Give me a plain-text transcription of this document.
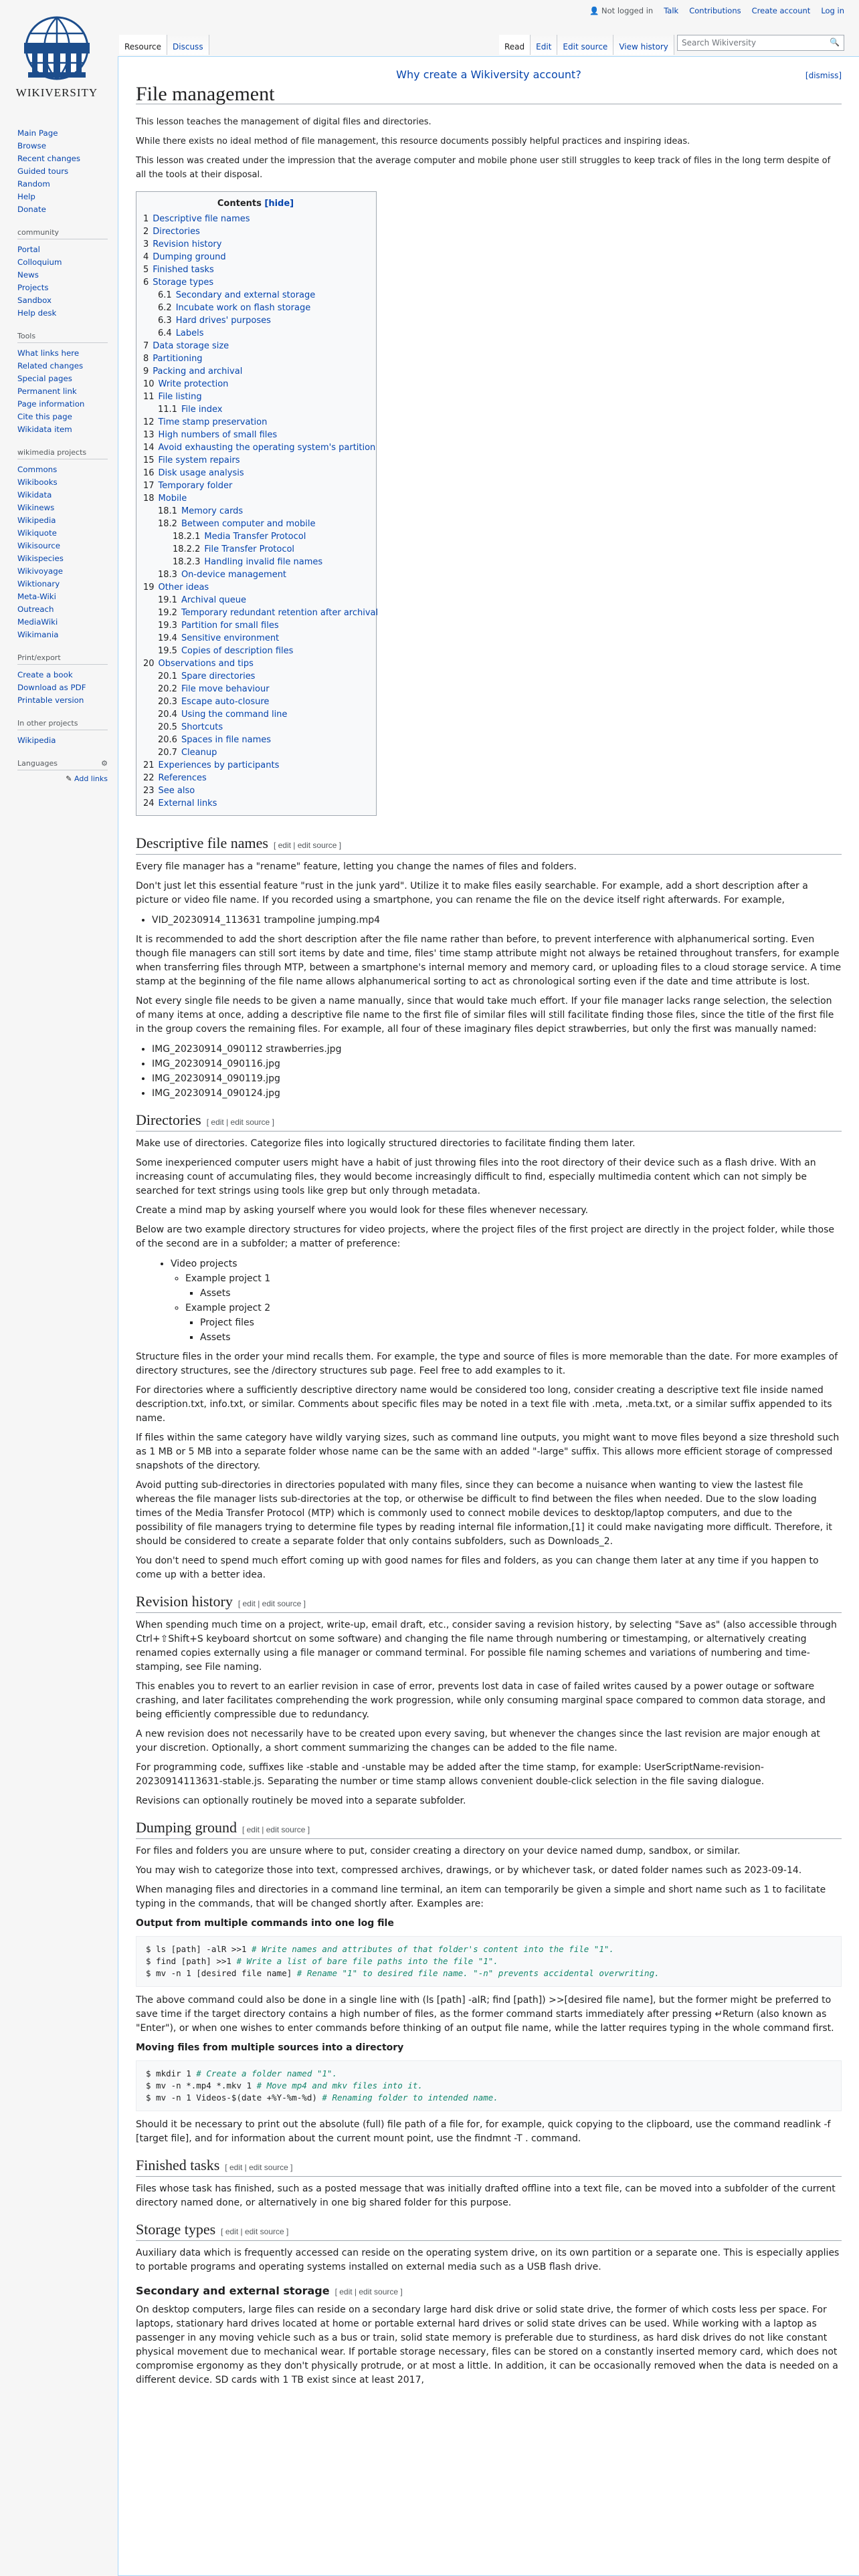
WIKIVERSITY
👤 Not logged in Talk Contributions Create account Log in
Resource	Discuss	Read	Edit Edit source View history Search Wikiversity	🔍
Main Page
Browse
Recent changes
Guided tours
Random
Help
Donate
community
Portal
Colloquium
News
Projects
Sandbox
Help desk
Tools
What links here
Related changes
Special pages
Permanent link
Page information
Cite this page
Wikidata item
wikimedia projects
Commons
Wikibooks
Wikidata
Wikinews
Wikipedia
Wikiquote
Wikisource
Wikispecies
Wikivoyage
Wiktionary
Meta-Wiki
Outreach
MediaWiki
Wikimania
Print/export
Create a book
Download as PDF
Printable version
In other projects
Wikipedia
Languages	⚙
✎ Add links
Why create a Wikiversity account?	[dismiss]
File management

This lesson teaches the management of digital files and directories.

While there exists no ideal method of file management, this resource documents possibly helpful practices and inspiring ideas.

This lesson was created under the impression that the average computer and mobile phone user still struggles to keep track of files in the long term despite of all the tools at their disposal.

Contents [hide]
1 Descriptive file names
2 Directories
3 Revision history
4 Dumping ground
5 Finished tasks
6 Storage types
6.1 Secondary and external storage
6.2 Incubate work on flash storage
6.3 Hard drives' purposes
6.4 Labels
7 Data storage size
8 Partitioning
9 Packing and archival
10 Write protection
11 File listing
11.1 File index
12 Time stamp preservation
13 High numbers of small files
14 Avoid exhausting the operating system's partition
15 File system repairs
16 Disk usage analysis
17 Temporary folder
18 Mobile
18.1 Memory cards
18.2 Between computer and mobile
18.2.1 Media Transfer Protocol
18.2.2 File Transfer Protocol
18.2.3 Handling invalid file names
18.3 On-device management
19 Other ideas
19.1 Archival queue
19.2 Temporary redundant retention after archival
19.3 Partition for small files
19.4 Sensitive environment
19.5 Copies of description files
20 Observations and tips
20.1 Spare directories
20.2 File move behaviour
20.3 Escape auto-closure
20.4 Using the command line
20.5 Shortcuts
20.6 Spaces in file names
20.7 Cleanup
21 Experiences by participants
22 References
23 See also
24 External links
Descriptive file names [ edit | edit source ]

Every file manager has a "rename" feature, letting you change the names of files and folders.

Don't just let this essential feature "rust in the junk yard". Utilize it to make files easily searchable. For example, add a short description after a picture or video file name. If you recorded using a smartphone, you can rename the file on the device itself right afterwards. For example,

• VID_20230914_113631 trampoline jumping.mp4

It is recommended to add the short description after the file name rather than before, to prevent interference with alphanumerical sorting. Even though file managers can still sort items by date and time, files' time stamp attribute might not always be retained throughout transfers, for example when transferring files through MTP, between a smartphone's internal memory and memory card, or uploading files to a cloud storage service. A time stamp at the beginning of the file name allows alphanumerical sorting to act as chronological sorting even if the date and time attribute is lost.

Not every single file needs to be given a name manually, since that would take much effort. If your file manager lacks range selection, the selection of many items at once, adding a descriptive file name to the first file of similar files will still facilitate finding those files, since the title of the first file in the group covers the remaining files. For example, all four of these imaginary files depict strawberries, but only the first was manually named:

• IMG_20230914_090112 strawberries.jpg
• IMG_20230914_090116.jpg
• IMG_20230914_090119.jpg
• IMG_20230914_090124.jpg
Directories [ edit | edit source ]

Make use of directories. Categorize files into logically structured directories to facilitate finding them later.

Some inexperienced computer users might have a habit of just throwing files into the root directory of their device such as a flash drive. With an increasing count of accumulating files, they would become increasingly difficult to find, especially multimedia content which can not simply be searched for text strings using tools like grep but only through metadata.

Create a mind map by asking yourself where you would look for these files whenever necessary.

Below are two example directory structures for video projects, where the project files of the first project are directly in the project folder, while those of the second are in a subfolder; a matter of preference:

• Video projects
◦ Example project 1
▪ Assets
◦ Example project 2
▪ Project files
▪ Assets

Structure files in the order your mind recalls them. For example, the type and source of files is more memorable than the date. For more examples of directory structures, see the /directory structures sub page. Feel free to add examples to it.

For directories where a sufficiently descriptive directory name would be considered too long, consider creating a descriptive text file inside named description.txt, info.txt, or similar. Comments about specific files may be noted in a text file with .meta, .meta.txt, or a similar suffix appended to its name.

If files within the same category have wildly varying sizes, such as command line outputs, you might want to move files beyond a size threshold such as 1 MB or 5 MB into a separate folder whose name can be the same with an added "-large" suffix. This allows more efficient storage of compressed snapshots of the directory.

Avoid putting sub-directories in directories populated with many files, since they can become a nuisance when wanting to view the lastest file whereas the file manager lists sub-directories at the top, or otherwise be difficult to find between the files when needed. Due to the slow loading times of the Media Transfer Protocol (MTP) which is commonly used to connect mobile devices to desktop/laptop computers, and due to the possibility of file managers trying to determine file types by reading internal file information,[1] it could make navigating more difficult. Therefore, it should be considered to create a separate folder that only contains subfolders, such as Downloads_2.

You don't need to spend much effort coming up with good names for files and folders, as you can change them later at any time if you happen to come up with a better idea.

Revision history [ edit | edit source ]

When spending much time on a project, write-up, email draft, etc., consider saving a revision history, by selecting "Save as" (also accessible through Ctrl+⇧Shift+S keyboard shortcut on some software) and changing the file name through numbering or timestamping, or alternatively creating renamed copies externally using a file manager or command terminal. For possible file naming schemes and variations of numbering and time-stamping, see File naming.

This enables you to revert to an earlier revision in case of error, prevents lost data in case of failed writes caused by a power outage or software crashing, and later facilitates comprehending the work progression, while only consuming marginal space compared to common data storage, and being efficiently compressible due to redundancy.

A new revision does not necessarily have to be created upon every saving, but whenever the changes since the last revision are major enough at your discretion. Optionally, a short comment summarizing the changes can be added to the file name.

For programming code, suffixes like -stable and -unstable may be added after the time stamp, for example: UserScriptName-revision-20230914113631-stable.js. Separating the number or time stamp allows convenient double-click selection in the file saving dialogue.

Revisions can optionally routinely be moved into a separate subfolder.

Dumping ground [ edit | edit source ]

For files and folders you are unsure where to put, consider creating a directory on your device named dump, sandbox, or similar.

You may wish to categorize those into text, compressed archives, drawings, or by whichever task, or dated folder names such as 2023-09-14.

When managing files and directories in a command line terminal, an item can temporarily be given a simple and short name such as 1 to facilitate typing in the commands, that will be changed shortly after. Examples are:

Output from multiple commands into one log file

$ ls [path] -alR >>1 # Write names and attributes of that folder's content into the file "1".
$ find [path] >>1 # Write a list of bare file paths into the file "1".
$ mv -n 1 [desired file name] # Rename "1" to desired file name. "-n" prevents accidental overwriting.

The above command could also be done in a single line with (ls [path] -alR; find [path]) >>[desired file name], but the former might be preferred to save time if the target directory contains a high number of files, as the former command starts immediately after pressing ↵Return (also known as "Enter"), or when one wishes to enter commands before thinking of an output file name, while the latter requires typing in the whole command first.

Moving files from multiple sources into a directory

$ mkdir 1 # Create a folder named "1".
$ mv -n *.mp4 *.mkv 1 # Move mp4 and mkv files into it.
$ mv -n 1 Videos-$(date +%Y-%m-%d) # Renaming folder to intended name.

Should it be necessary to print out the absolute (full) file path of a file for, for example, quick copying to the clipboard, use the command readlink -f [target file], and for information about the current mount point, use the findmnt -T . command.

Finished tasks [ edit | edit source ]

Files whose task has finished, such as a posted message that was initially drafted offline into a text file, can be moved into a subfolder of the current directory named done, or alternatively in one big shared folder for this purpose.

Storage types [ edit | edit source ]

Auxiliary data which is frequently accessed can reside on the operating system drive, on its own partition or a separate one. This is especially applies to portable programs and operating systems installed on external media such as a USB flash drive.

Secondary and external storage [ edit | edit source ]

On desktop computers, large files can reside on a secondary large hard disk drive or solid state drive, the former of which costs less per space. For laptops, stationary hard drives located at home or portable external hard drives or solid state drives can be used. While working with a laptop as passenger in any moving vehicle such as a bus or train, solid state memory is preferable due to sturdiness, as hard disk drives do not like constant physical movement due to mechanical wear. If portable storage necessary, files can be stored on a constantly inserted memory card, which does not compromise ergonomy as they don't physically protrude, or at most a little. In addition, it can be occasionally removed when the data is needed on a different device. SD cards with 1 TB exist since at least 2017,
